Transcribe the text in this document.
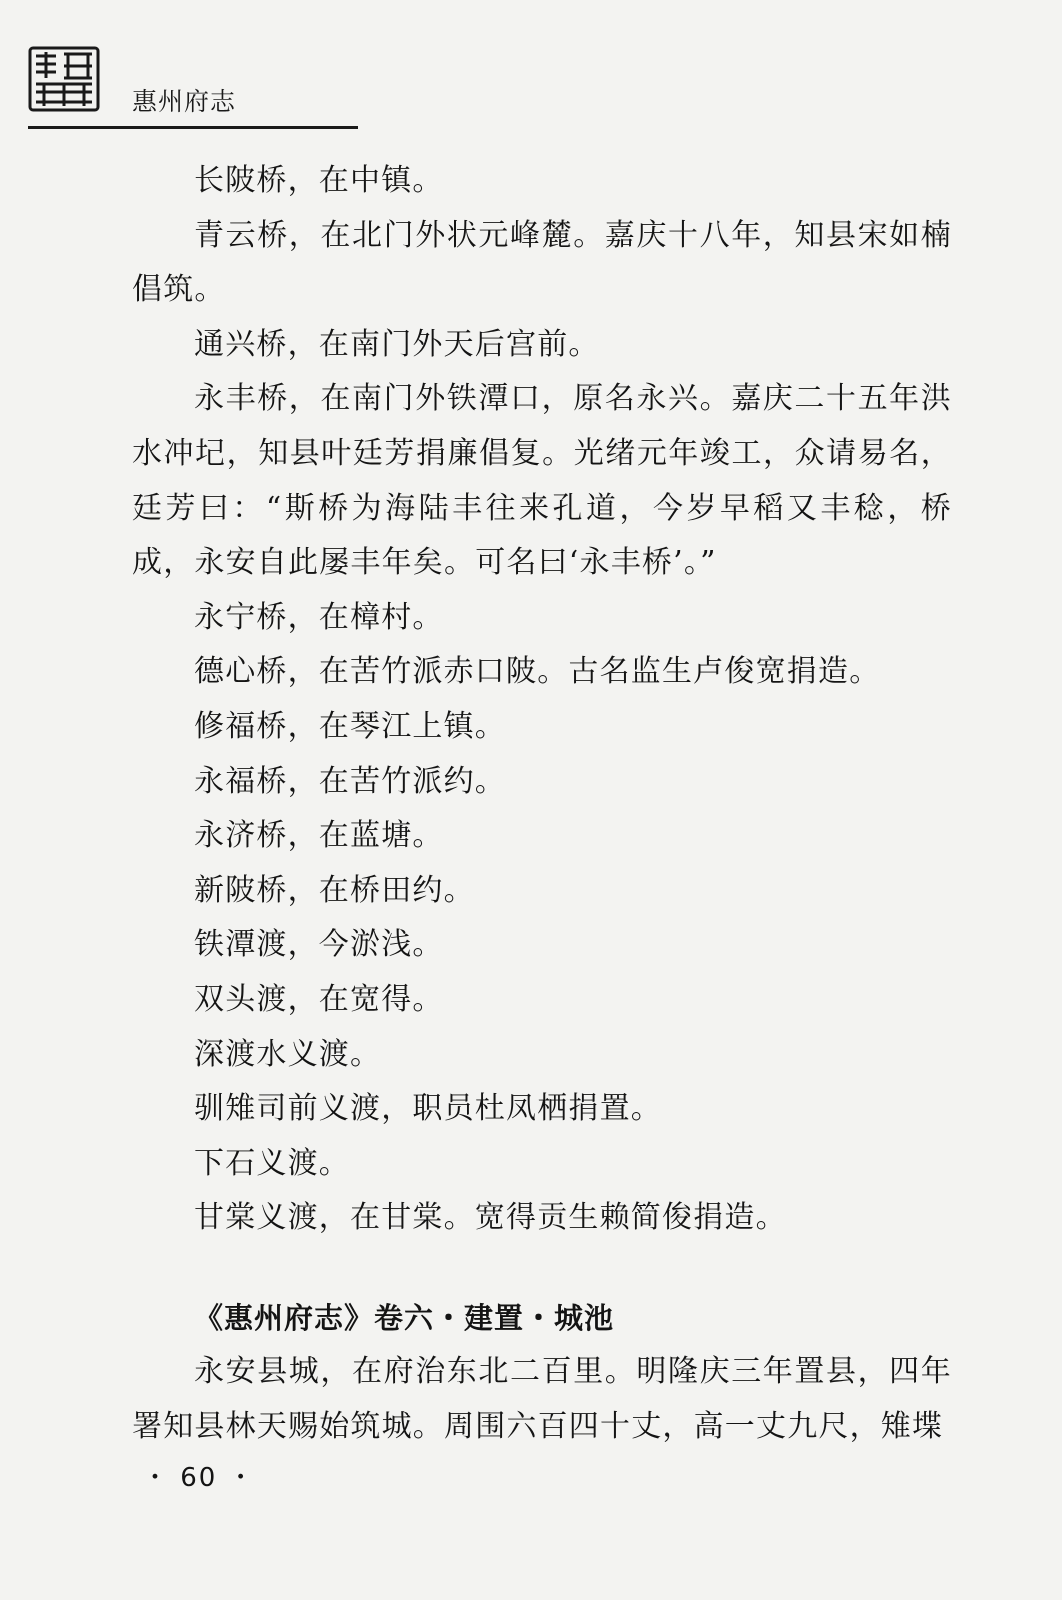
惠州府志

长陂桥，在中镇。

青云桥，在北门外状元峰麓。嘉庆十八年，知县宋如楠倡筑。

通兴桥，在南门外天后宫前。

永丰桥，在南门外铁潭口，原名永兴。嘉庆二十五年洪水冲圮，知县叶廷芳捐廉倡复。光绪元年竣工，众请易名，廷芳曰：“斯桥为海陆丰往来孔道，今岁早稻又丰稔，桥成，永安自此屡丰年矣。可名曰‘永丰桥’。”

永宁桥，在樟村。

德心桥，在苦竹派赤口陂。古名监生卢俊宽捐造。

修福桥，在琴江上镇。

永福桥，在苦竹派约。

永济桥，在蓝塘。

新陂桥，在桥田约。

铁潭渡，今淤浅。

双头渡，在宽得。

深渡水义渡。

驯雉司前义渡，职员杜凤栖捐置。

下石义渡。

甘棠义渡，在甘棠。宽得贡生赖简俊捐造。

《惠州府志》卷六・建置・城池

永安县城，在府治东北二百里。明隆庆三年置县，四年署知县林天赐始筑城。周围六百四十丈，高一丈九尺，雉堞

・ 60 ・
